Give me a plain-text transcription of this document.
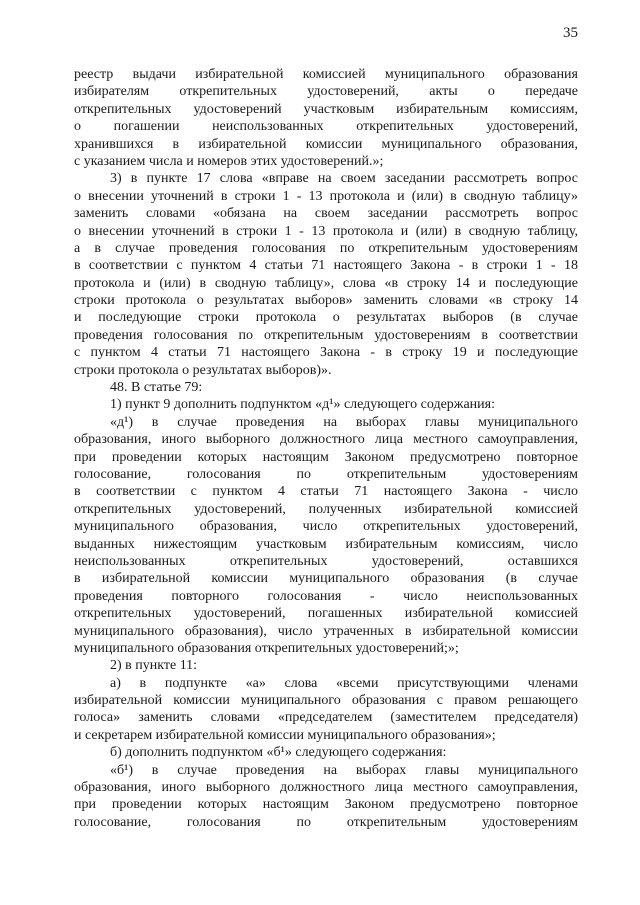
35
реестр выдачи избирательной комиссией муниципального образования
избирателям открепительных удостоверений, акты о передаче
открепительных удостоверений участковым избирательным комиссиям,
о погашении неиспользованных открепительных удостоверений,
хранившихся в избирательной комиссии муниципального образования,
с указанием числа и номеров этих удостоверений.»;
3) в пункте 17 слова «вправе на своем заседании рассмотреть вопрос
о внесении уточнений в строки 1 - 13 протокола и (или) в сводную таблицу»
заменить словами «обязана на своем заседании рассмотреть вопрос
о внесении уточнений в строки 1 - 13 протокола и (или) в сводную таблицу,
а в случае проведения голосования по открепительным удостоверениям
в соответствии с пунктом 4 статьи 71 настоящего Закона - в строки 1 - 18
протокола и (или) в сводную таблицу», слова «в строку 14 и последующие
строки протокола о результатах выборов» заменить словами «в строку 14
и последующие строки протокола о результатах выборов (в случае
проведения голосования по открепительным удостоверениям в соответствии
с пунктом 4 статьи 71 настоящего Закона - в строку 19 и последующие
строки протокола о результатах выборов)».
48. В статье 79:
1) пункт 9 дополнить подпунктом «д¹» следующего содержания:
«д¹) в случае проведения на выборах главы муниципального
образования, иного выборного должностного лица местного самоуправления,
при проведении которых настоящим Законом предусмотрено повторное
голосование, голосования по открепительным удостоверениям
в соответствии с пунктом 4 статьи 71 настоящего Закона - число
открепительных удостоверений, полученных избирательной комиссией
муниципального образования, число открепительных удостоверений,
выданных нижестоящим участковым избирательным комиссиям, число
неиспользованных открепительных удостоверений, оставшихся
в избирательной комиссии муниципального образования (в случае
проведения повторного голосования - число неиспользованных
открепительных удостоверений, погашенных избирательной комиссией
муниципального образования), число утраченных в избирательной комиссии
муниципального образования открепительных удостоверений;»;
2) в пункте 11:
а) в подпункте «а» слова «всеми присутствующими членами
избирательной комиссии муниципального образования с правом решающего
голоса» заменить словами «председателем (заместителем председателя)
и секретарем избирательной комиссии муниципального образования»;
б) дополнить подпунктом «б¹» следующего содержания:
«б¹) в случае проведения на выборах главы муниципального
образования, иного выборного должностного лица местного самоуправления,
при проведении которых настоящим Законом предусмотрено повторное
голосование, голосования по открепительным удостоверениям
